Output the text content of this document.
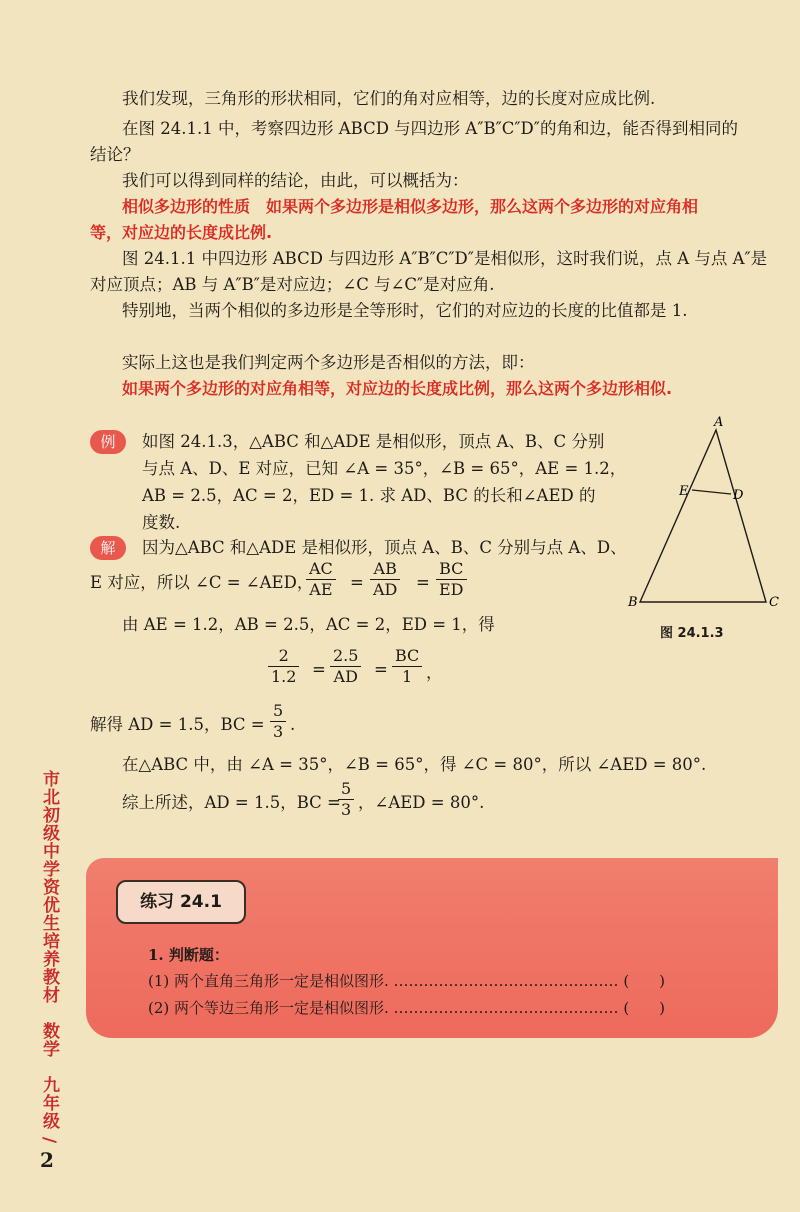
我们发现，三角形的形状相同，它们的角对应相等，边的长度对应成比例.
在图 24.1.1 中，考察四边形 ABCD 与四边形 A″B″C″D″的角和边，能否得到相同的
结论？
我们可以得到同样的结论，由此，可以概括为：
相似多边形的性质　如果两个多边形是相似多边形，那么这两个多边形的对应角相
等，对应边的长度成比例.
图 24.1.1 中四边形 ABCD 与四边形 A″B″C″D″是相似形，这时我们说，点 A 与点 A″是
对应顶点；AB 与 A″B″是对应边；∠C 与∠C″是对应角.
特别地，当两个相似的多边形是全等形时，它们的对应边的长度的比值都是 1.
实际上这也是我们判定两个多边形是否相似的方法，即：
如果两个多边形的对应角相等，对应边的长度成比例，那么这两个多边形相似.
例	如图 24.1.3，△ABC 和△ADE 是相似形，顶点 A、B、C 分别
与点 A、D、E 对应，已知 ∠A = 35°，∠B = 65°，AE = 1.2，
AB = 2.5，AC = 2，ED = 1. 求 AD、BC 的长和∠AED 的
度数.
解	因为△ABC 和△ADE 是相似形，顶点 A、B、C 分别与点 A、D、
E 对应，所以 ∠C = ∠AED，
$\frac{AC}{AE} = \frac{AB}{AD} = \frac{BC}{ED}$
由 AE = 1.2，AB = 2.5，AC = 2，ED = 1，得
$\frac{2}{1.2} = \frac{2.5}{AD} = \frac{BC}{1}$ ，
解得 AD = 1.5，BC = $\frac{5}{3}$ .
在△ABC 中，由 ∠A = 35°，∠B = 65°，得 ∠C = 80°，所以 ∠AED = 80°.
综上所述，AD = 1.5，BC =
$\frac{5}{3}$ ，∠AED = 80°.
A
B	C
D
E
图 24.1.3
练习 24.1
1. 判断题：
(1) 两个直角三角形一定是相似图形. ……………………………………… (　　)
(2) 两个等边三角形一定是相似图形. ……………………………………… (　　)
市北初级中学资优生培养教材　数学　九年级 /
2
